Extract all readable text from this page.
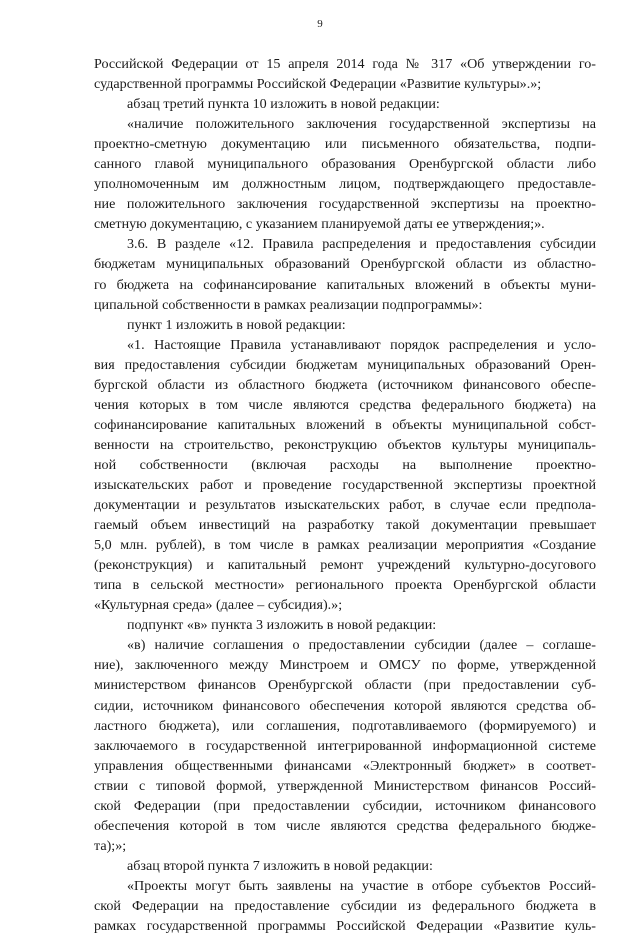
9
Российской Федерации от 15 апреля 2014 года № 317 «Об утверждении го-
сударственной программы Российской Федерации «Развитие культуры».»;
абзац третий пункта 10 изложить в новой редакции:
«наличие положительного заключения государственной экспертизы на
проектно-сметную документацию или письменного обязательства, подпи-
санного главой муниципального образования Оренбургской области либо
уполномоченным им должностным лицом, подтверждающего предоставле-
ние положительного заключения государственной экспертизы на проектно-
сметную документацию, с указанием планируемой даты ее утверждения;».
3.6. В разделе «12. Правила распределения и предоставления субсидии
бюджетам муниципальных образований Оренбургской области из областно-
го бюджета на софинансирование капитальных вложений в объекты муни-
ципальной собственности в рамках реализации подпрограммы»:
пункт 1 изложить в новой редакции:
«1. Настоящие Правила устанавливают порядок распределения и усло-
вия предоставления субсидии бюджетам муниципальных образований Орен-
бургской области из областного бюджета (источником финансового обеспе-
чения которых в том числе являются средства федерального бюджета) на
софинансирование капитальных вложений в объекты муниципальной собст-
венности на строительство, реконструкцию объектов культуры муниципаль-
ной собственности (включая расходы на выполнение проектно-
изыскательских работ и проведение государственной экспертизы проектной
документации и результатов изыскательских работ, в случае если предпола-
гаемый объем инвестиций на разработку такой документации превышает
5,0 млн. рублей), в том числе в рамках реализации мероприятия «Создание
(реконструкция) и капитальный ремонт учреждений культурно-досугового
типа в сельской местности» регионального проекта Оренбургской области
«Культурная среда» (далее – субсидия).»;
подпункт «в» пункта 3 изложить в новой редакции:
«в) наличие соглашения о предоставлении субсидии (далее – соглаше-
ние), заключенного между Минстроем и ОМСУ по форме, утвержденной
министерством финансов Оренбургской области (при предоставлении суб-
сидии, источником финансового обеспечения которой являются средства об-
ластного бюджета), или соглашения, подготавливаемого (формируемого) и
заключаемого в государственной интегрированной информационной системе
управления общественными финансами «Электронный бюджет» в соответ-
ствии с типовой формой, утвержденной Министерством финансов Россий-
ской Федерации (при предоставлении субсидии, источником финансового
обеспечения которой в том числе являются средства федерального бюдже-
та);»;
абзац второй пункта 7 изложить в новой редакции:
«Проекты могут быть заявлены на участие в отборе субъектов Россий-
ской Федерации на предоставление субсидии из федерального бюджета в
рамках государственной программы Российской Федерации «Развитие куль-
